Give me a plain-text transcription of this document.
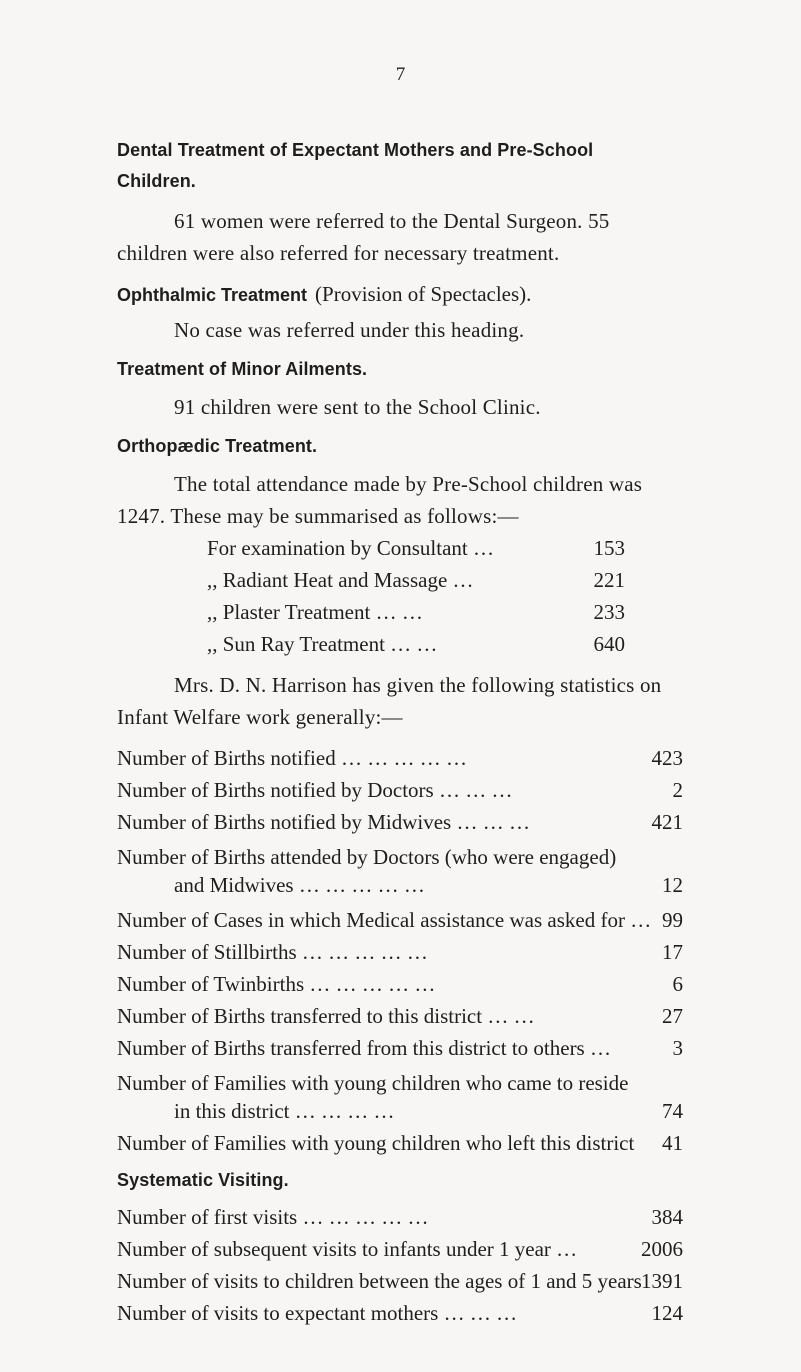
7
Dental Treatment of Expectant Mothers and Pre-School
Children.
61 women were referred to the Dental Surgeon. 55
children were also referred for necessary treatment.
Ophthalmic Treatment (Provision of Spectacles).
No case was referred under this heading.
Treatment of Minor Ailments.
91 children were sent to the School Clinic.
Orthopædic Treatment.
The total attendance made by Pre-School children was
1247. These may be summarised as follows:—
For examination by Consultant …	153
,, Radiant Heat and Massage …	221
,, Plaster Treatment … …	233
,, Sun Ray Treatment … …	640
Mrs. D. N. Harrison has given the following statistics on
Infant Welfare work generally:—
Number of Births notified … … … … …	423
Number of Births notified by Doctors … … …	2
Number of Births notified by Midwives … … …	421
Number of Births attended by Doctors (who were engaged)
and Midwives … … … … …	12
Number of Cases in which Medical assistance was asked for … 99
Number of Stillbirths … … … … …	17
Number of Twinbirths … … … … …	6
Number of Births transferred to this district … …	27
Number of Births transferred from this district to others …	3
Number of Families with young children who came to reside
in this district … … … …	74
Number of Families with young children who left this district	41
Systematic Visiting.
Number of first visits … … … … …	384
Number of subsequent visits to infants under 1 year …	2006
Number of visits to children between the ages of 1 and 5 years 1391
Number of visits to expectant mothers … … …	124
